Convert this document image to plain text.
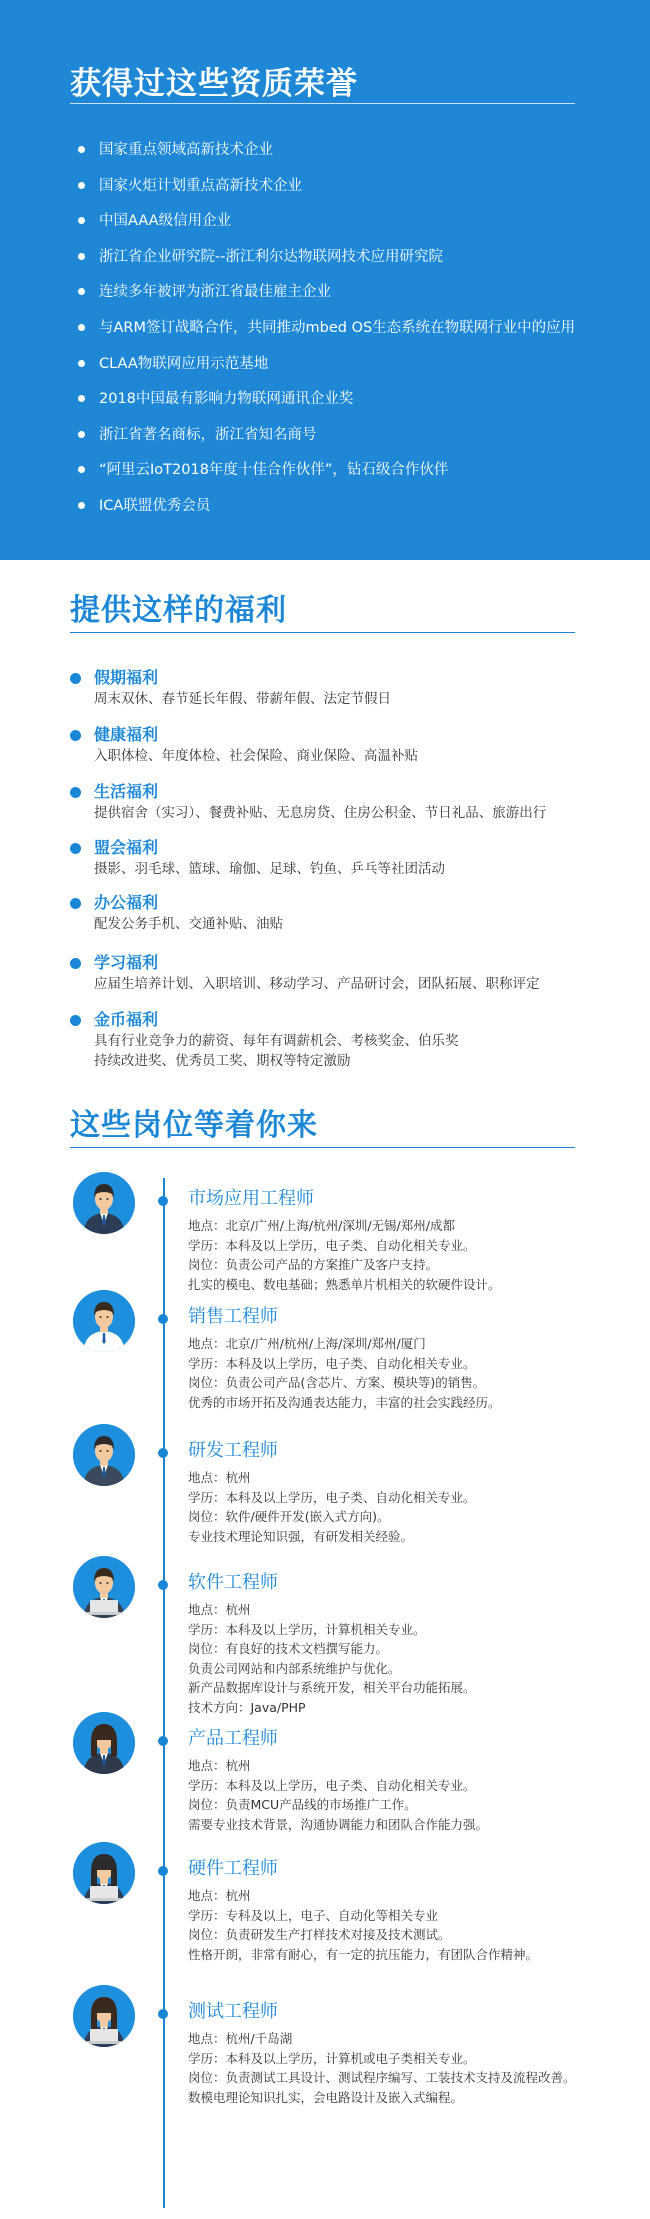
获得过这些资质荣誉
国家重点领域高新技术企业
国家火炬计划重点高新技术企业
中国AAA级信用企业
浙江省企业研究院--浙江利尔达物联网技术应用研究院
连续多年被评为浙江省最佳雇主企业
与ARM签订战略合作，共同推动mbed OS生态系统在物联网行业中的应用
CLAA物联网应用示范基地
2018中国最有影响力物联网通讯企业奖
浙江省著名商标，浙江省知名商号
“阿里云IoT2018年度十佳合作伙伴”，钻石级合作伙伴
ICA联盟优秀会员
提供这样的福利
假期福利
周末双休、春节延长年假、带薪年假、法定节假日
健康福利
入职体检、年度体检、社会保险、商业保险、高温补贴
生活福利
提供宿舍（实习）、餐费补贴、无息房贷、住房公积金、节日礼品、旅游出行
盟会福利
摄影、羽毛球、篮球、瑜伽、足球、钓鱼、乒乓等社团活动
办公福利
配发公务手机、交通补贴、油贴
学习福利
应届生培养计划、入职培训、移动学习、产品研讨会，团队拓展、职称评定
金币福利
具有行业竞争力的薪资、每年有调薪机会、考核奖金、伯乐奖
持续改进奖、优秀员工奖、期权等特定激励
这些岗位等着你来
市场应用工程师
地点：北京/广州/上海/杭州/深圳/无锡/郑州/成都
学历：本科及以上学历，电子类、自动化相关专业。
岗位：负责公司产品的方案推广及客户支持。
扎实的模电、数电基础；熟悉单片机相关的软硬件设计。
销售工程师
地点：北京/广州/杭州/上海/深圳/郑州/厦门
学历：本科及以上学历，电子类、自动化相关专业。
岗位：负责公司产品(含芯片、方案、模块等)的销售。
优秀的市场开拓及沟通表达能力，丰富的社会实践经历。
研发工程师
地点：杭州
学历：本科及以上学历，电子类、自动化相关专业。
岗位：软件/硬件开发(嵌入式方向)。
专业技术理论知识强，有研发相关经验。
软件工程师
地点：杭州
学历：本科及以上学历，计算机相关专业。
岗位：有良好的技术文档撰写能力。
负责公司网站和内部系统维护与优化。
新产品数据库设计与系统开发，相关平台功能拓展。
技术方向：Java/PHP
产品工程师
地点：杭州
学历：本科及以上学历，电子类、自动化相关专业。
岗位：负责MCU产品线的市场推广工作。
需要专业技术背景，沟通协调能力和团队合作能力强。
硬件工程师
地点：杭州
学历：专科及以上，电子、自动化等相关专业
岗位：负责研发生产打样技术对接及技术测试。
性格开朗，非常有耐心，有一定的抗压能力，有团队合作精神。
测试工程师
地点：杭州/千岛湖
学历：本科及以上学历，计算机或电子类相关专业。
岗位：负责测试工具设计、测试程序编写、工装技术支持及流程改善。
数模电理论知识扎实，会电路设计及嵌入式编程。
